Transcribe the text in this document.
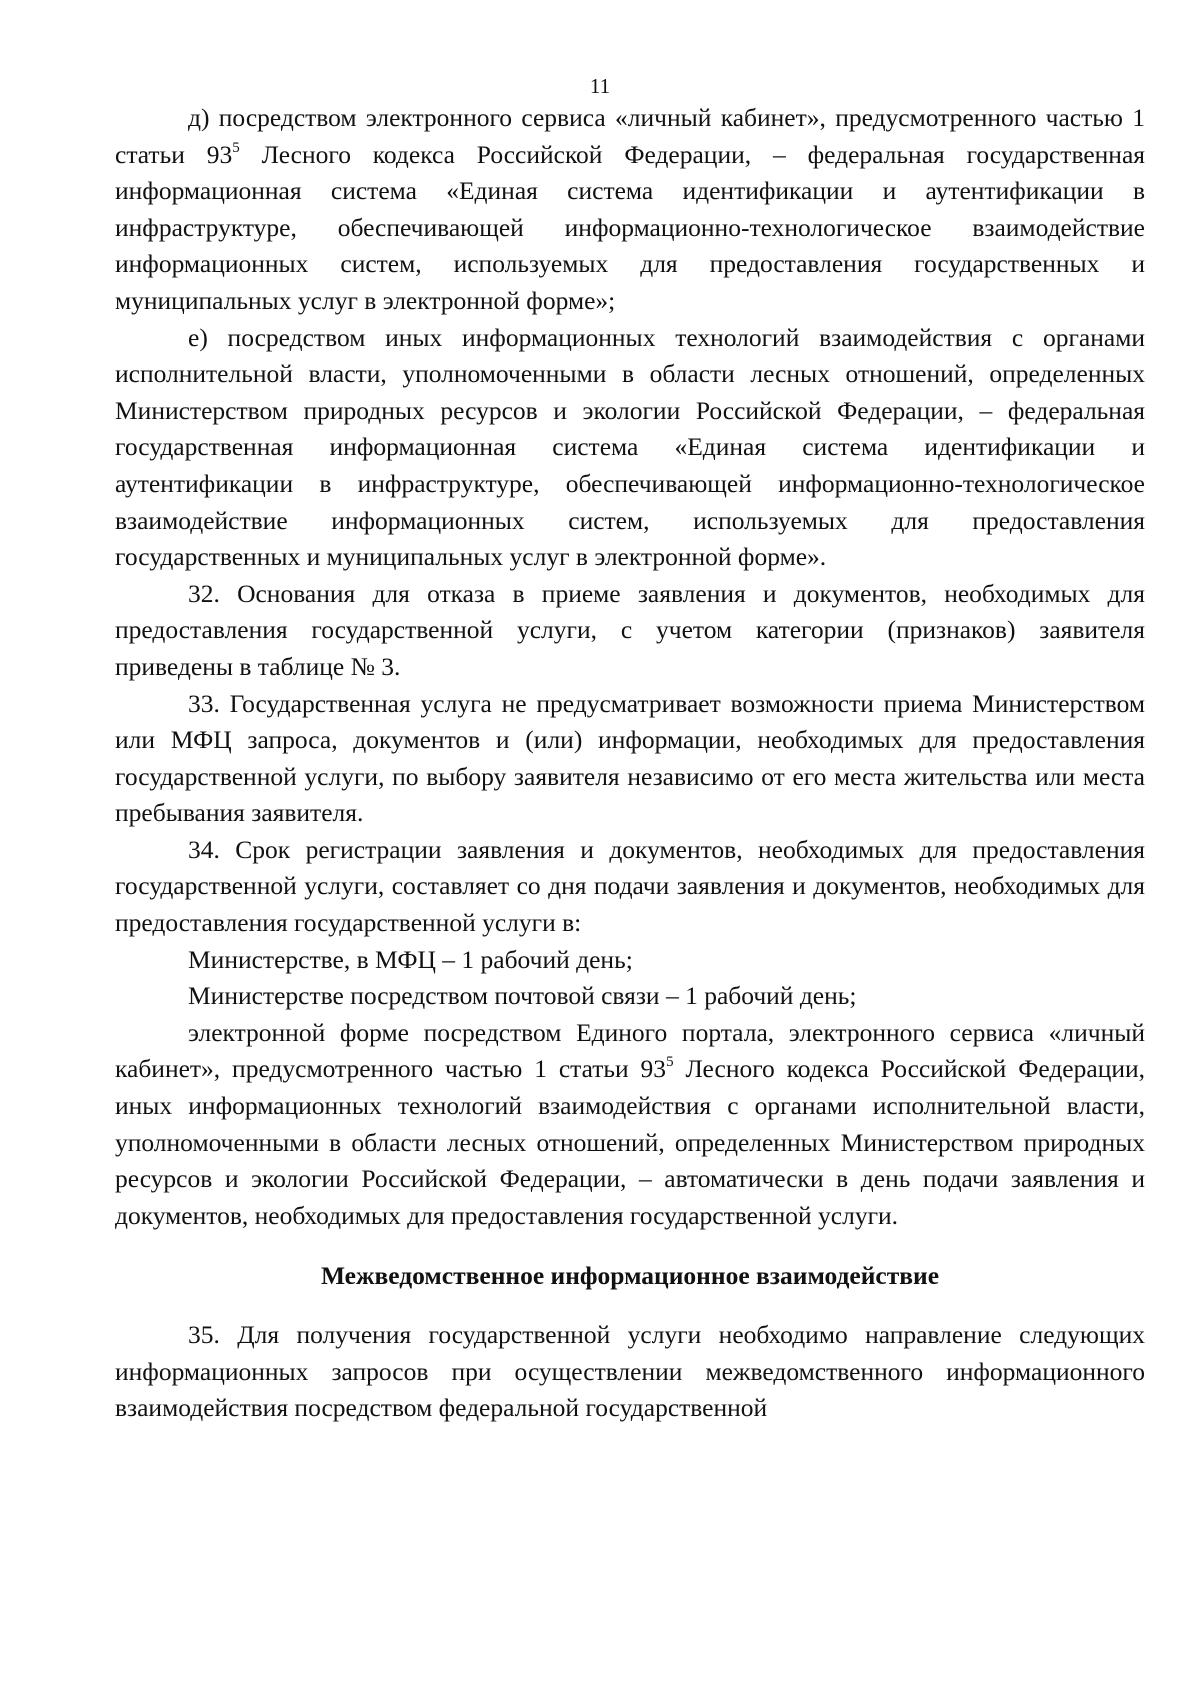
11

д) посредством электронного сервиса «личный кабинет», предусмотренного частью 1 статьи $93^5$ Лесного кодекса Российской Федерации, – федеральная государственная информационная система «Единая система идентификации и аутентификации в инфраструктуре, обеспечивающей информационно-технологическое взаимодействие информационных систем, используемых для предоставления государственных и муниципальных услуг в электронной форме»;

е) посредством иных информационных технологий взаимодействия с органами исполнительной власти, уполномоченными в области лесных отношений, определенных Министерством природных ресурсов и экологии Российской Федерации, – федеральная государственная информационная система «Единая система идентификации и аутентификации в инфраструктуре, обеспечивающей информационно-технологическое взаимодействие информационных систем, используемых для предоставления государственных и муниципальных услуг в электронной форме».

32. Основания для отказа в приеме заявления и документов, необходимых для предоставления государственной услуги, с учетом категории (признаков) заявителя приведены в таблице № 3.

33. Государственная услуга не предусматривает возможности приема Министерством или МФЦ запроса, документов и (или) информации, необходимых для предоставления государственной услуги, по выбору заявителя независимо от его места жительства или места пребывания заявителя.

34. Срок регистрации заявления и документов, необходимых для предоставления государственной услуги, составляет со дня подачи заявления и документов, необходимых для предоставления государственной услуги в:

Министерстве, в МФЦ – 1 рабочий день;

Министерстве посредством почтовой связи – 1 рабочий день;

электронной форме посредством Единого портала, электронного сервиса «личный кабинет», предусмотренного частью 1 статьи $93^5$ Лесного кодекса Российской Федерации, иных информационных технологий взаимодействия с органами исполнительной власти, уполномоченными в области лесных отношений, определенных Министерством природных ресурсов и экологии Российской Федерации, – автоматически в день подачи заявления и документов, необходимых для предоставления государственной услуги.

Межведомственное информационное взаимодействие

35. Для получения государственной услуги необходимо направление следующих информационных запросов при осуществлении межведомственного информационного взаимодействия посредством федеральной государственной
